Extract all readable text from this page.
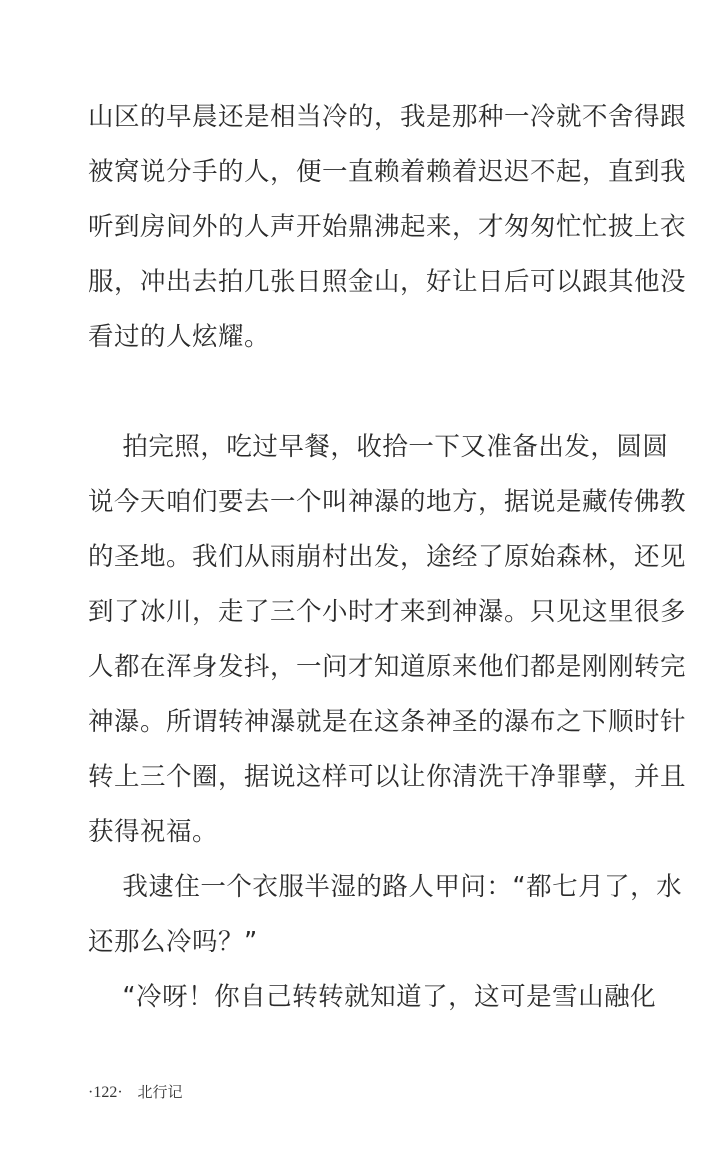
山区的早晨还是相当冷的，我是那种一冷就不舍得跟
被窝说分手的人，便一直赖着赖着迟迟不起，直到我
听到房间外的人声开始鼎沸起来，才匆匆忙忙披上衣
服，冲出去拍几张日照金山，好让日后可以跟其他没
看过的人炫耀。
拍完照，吃过早餐，收拾一下又准备出发，圆圆
说今天咱们要去一个叫神瀑的地方，据说是藏传佛教
的圣地。我们从雨崩村出发，途经了原始森林，还见
到了冰川，走了三个小时才来到神瀑。只见这里很多
人都在浑身发抖，一问才知道原来他们都是刚刚转完
神瀑。所谓转神瀑就是在这条神圣的瀑布之下顺时针
转上三个圈，据说这样可以让你清洗干净罪孽，并且
获得祝福。
我逮住一个衣服半湿的路人甲问：“都七月了，水
还那么冷吗？”
“冷呀！你自己转转就知道了，这可是雪山融化
·122· 北行记
